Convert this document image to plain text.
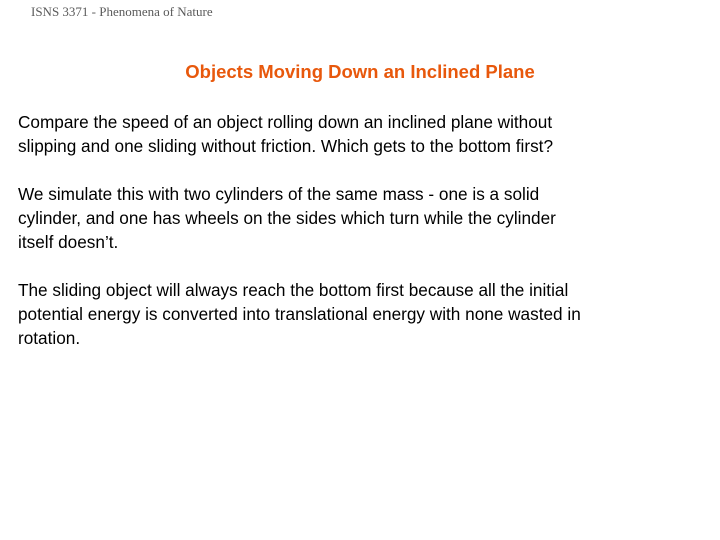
ISNS 3371 - Phenomena of Nature
Objects Moving Down an Inclined Plane

Compare the speed of an object rolling down an inclined plane without
slipping and one sliding without friction. Which gets to the bottom first?

We simulate this with two cylinders of the same mass - one is a solid
cylinder, and one has wheels on the sides which turn while the cylinder
itself doesn’t.

The sliding object will always reach the bottom first because all the initial
potential energy is converted into translational energy with none wasted in
rotation.
